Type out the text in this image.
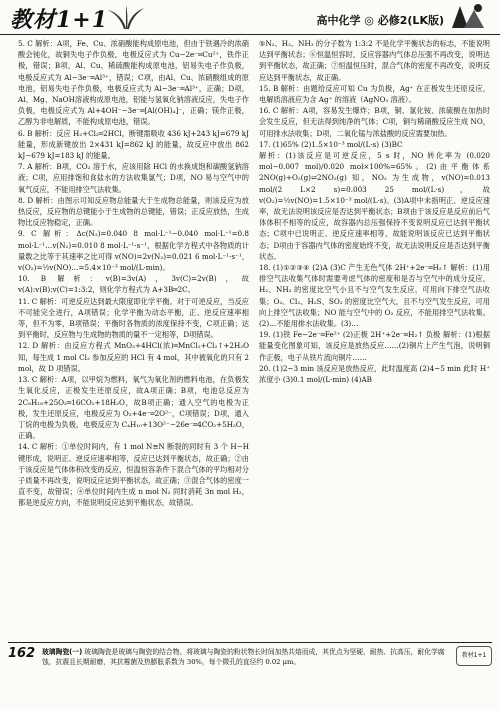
教材1+1	高中化学 ◎ 必修2(LK版)

5. C 解析：A项，Fe、Cu、浓硝酸能构成原电池，但由于铁遇冷的浓硝酸会钝化，故铜失电子作负极，电极反应式为 Cu−2e⁻═Cu²⁺，铁作正极，错误；B项，Al、Cu、稀硫酸能构成原电池，铝易失电子作负极，电极反应式为 Al−3e⁻═Al³⁺，错误；C项，由Al、Cu、浓硝酸组成的原电池，铝易失电子作负极，电极反应式为 Al−3e⁻═Al³⁺，正确；D项，Al、Mg、NaOH溶液构成原电池，铝能与氢氧化钠溶液反应，失电子作负极，电极反应式为 Al+4OH⁻−3e⁻═[Al(OH)₄]⁻，正确；镁作正极，乙醇为非电解质，不能构成原电池，错误。

6. B 解析：反应 H₂+Cl₂═2HCl，断键需吸收 436 kJ+243 kJ=679 kJ 能量，形成新键放出 2×431 kJ=862 kJ 的能量，故反应中放出 862 kJ−679 kJ=183 kJ 的能量。

7. A 解析：B项，CO₂ 溶于水，应该用除 HCl 的水换成饱和碳酸氢钠溶液；C项，应用排饱和食盐水的方法收集氯气；D项，NO 易与空气中的氧气反应，不能用排空气法收集。

8. D 解析：由图示可知反应物总能量大于生成物总能量，则该反应为放热反应，反应物的总键能小于生成物的总键能，错误；正反应放热，生成物比反应物稳定，正确。

9. C 解析：Δc(N₂)=0.040 8 mol·L⁻¹−0.040 mol·L⁻¹=0.8 mol·L⁻¹…v(N₂)=0.010 8 mol·L⁻¹·s⁻¹，根据化学方程式中各物质的计量数之比等于其速率之比可得 v(NO)=2v(N₂)=0.021 6 mol·L⁻¹·s⁻¹，v(O₂)=½v(NO)…=5.4×10⁻³ mol/(L·min)。

10. B 解析：v(B)=3v(A)，3v(C)=2v(B)，故 v(A):v(B):v(C)=1:3:2，则化学方程式为 A+3B═2C。

11. C 解析：可逆反应达到最大限度即化学平衡。对于可逆反应，当反应不可能完全进行，A项错误；化学平衡为动态平衡，正、逆反应速率相等，但不为零，B项错误；平衡时各物质的浓度保持不变，C项正确；达到平衡时，反应物与生成物的物质的量不一定相等，D项错误。

12. D 解析：由反应方程式 MnO₂+4HCl(浓)═MnCl₂+Cl₂↑+2H₂O 知，每生成 1 mol Cl₂ 参加反应的 HCl 有 4 mol，其中被氧化的只有 2 mol，故 D 项错误。

13. C 解析：A项，以甲烷为燃料，氧气为氧化剂的燃料电池，在负极发生氧化反应，正极发生还原反应，故A项正确；B项，电池总反应为 2C₈H₁₈+25O₂═16CO₂+18H₂O，故B项正确；通入空气的电极为正极，发生还原反应，电极反应为 O₂+4e⁻═2O²⁻，C项错误；D项，通入丁烷的电极为负极，电极反应为 C₄H₁₀+13O²⁻−26e⁻═4CO₂+5H₂O，正确。

14. C 解析：①单位时间内，有 1 mol N≡N 断裂的同时有 3 个 H−H 键形成，说明正、逆反应速率相等，反应已达到平衡状态，故正确；②由于该反应是气体体积改变的反应，恒温恒容条件下混合气体的平均相对分子质量不再改变，说明反应达到平衡状态，故正确；③混合气体的密度一直不变，故错误；④单位时间内生成 n mol N₂ 同时消耗 3n mol H₂，都是逆反应方向，不能说明反应达到平衡状态，故错误。

⑤N₂、H₂、NH₃ 的分子数为 1:3:2 不是化学平衡状态的标志，不能说明达到平衡状态；⑥恒温恒容时，反应容器内气体总压强不再改变，说明达到平衡状态，故正确；⑦恒温恒压时，混合气体的密度不再改变，说明反应达到平衡状态，故正确。

15. B 解析：由题给反应可知 Cu 为负极，Ag⁺ 在正极发生还原反应，电解质溶液应为含 Ag⁺ 的溶液（AgNO₃ 溶液）。

16. C 解析：A项，容易发生爆炸；B项，铜、氯化铵、浓硫酸在加热时会发生反应，但无法得到纯净的气体；C项，铜与稀硝酸反应生成 NO，可用排水法收集；D项，二氧化锰与浓盐酸的反应需要加热。

17. (1)65% (2)1.5×10⁻³ mol/(L·s) (3)BC

解析：(1)该反应是可逆反应，5 s 时，NO 转化率为 (0.020 mol−0.007 mol)/0.020 mol×100%=65%。(2)由平衡体系 2NO(g)+O₂(g)⇌2NO₂(g) 知，NO₂ 为生成物，v(NO)=0.013 mol/(2 L×2 s)=0.003 25 mol/(L·s)，故 v(O₂)=½v(NO)=1.5×10⁻³ mol/(L·s)。(3)A项中未指明正、逆反应速率，故无法说明该反应是否达到平衡状态；B项由于该反应是反应前后气体体积不相等的反应，故容器内总压强保持不变说明反应已达到平衡状态；C项中已说明正、逆反应速率相等，故能说明该反应已达到平衡状态；D项由于容器内气体的密度始终不变，故无法说明反应是否达到平衡状态。

18. (1)①②③④ (2)A (3)C 产生无色气体 2H⁺+2e⁻═H₂↑ 解析：(1)用排空气法收集气体时需要考虑气体的密度和是否与空气中的成分反应，H₂、NH₃ 的密度比空气小且不与空气发生反应，可用向下排空气法收集；O₂、Cl₂、H₂S、SO₂ 的密度比空气大，且不与空气发生反应，可用向上排空气法收集；NO 能与空气中的 O₂ 反应，不能用排空气法收集。(2)…不能用排水法收集。(3)…

19. (1)铁 Fe−2e⁻═Fe²⁺ (2)正极 2H⁺+2e⁻═H₂↑ 负极 解析：(1)根据能量变化图象可知，该反应是放热反应……(2)铜片上产生气泡，说明铜作正极，电子从铁片流向铜片……

20. (1)2~3 min 该反应是放热反应，此时温度高 (2)4~5 min 此时 H⁺ 浓度小 (3)0.1 mol/(L·min) (4)AB

162 玻璃陶瓷(一) 玻璃陶瓷是玻璃与陶瓷的结合物。将玻璃与陶瓷的粉状物长时间加热共熔而成，其优点为坚硬、耐热、抗高压，耐化学腐蚀，抗震且长期耐磨，其抗霉菌及热膨胀系数为 30%，每个微孔的直径约 0.02 μm。
教材1+1
